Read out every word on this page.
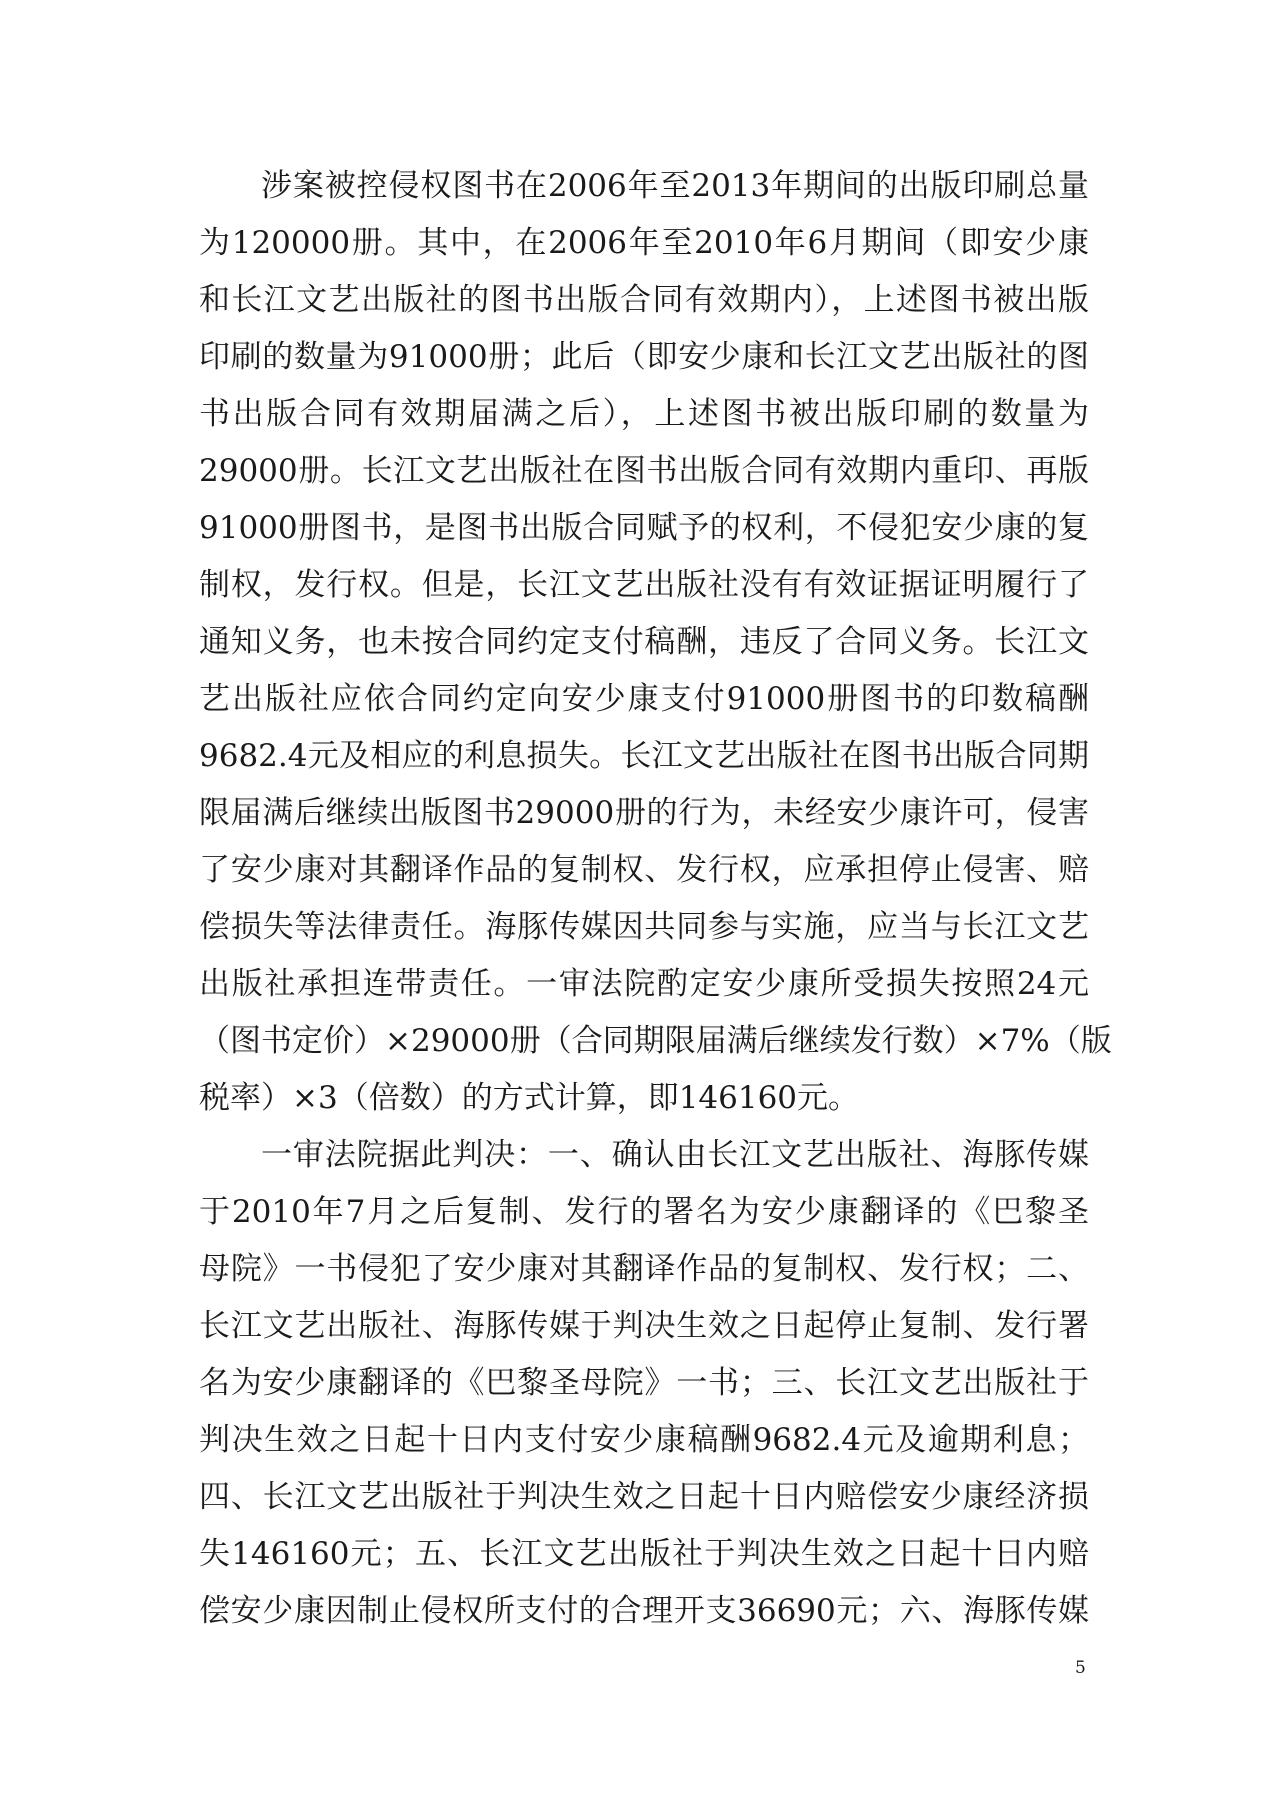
涉案被控侵权图书在2006年至2013年期间的出版印刷总量
为120000册。其中，在2006年至2010年6月期间（即安少康
和长江文艺出版社的图书出版合同有效期内），上述图书被出版
印刷的数量为91000册；此后（即安少康和长江文艺出版社的图
书出版合同有效期届满之后），上述图书被出版印刷的数量为
29000册。长江文艺出版社在图书出版合同有效期内重印、再版
91000册图书，是图书出版合同赋予的权利，不侵犯安少康的复
制权，发行权。但是，长江文艺出版社没有有效证据证明履行了
通知义务，也未按合同约定支付稿酬，违反了合同义务。长江文
艺出版社应依合同约定向安少康支付91000册图书的印数稿酬
9682.4元及相应的利息损失。长江文艺出版社在图书出版合同期
限届满后继续出版图书29000册的行为，未经安少康许可，侵害
了安少康对其翻译作品的复制权、发行权，应承担停止侵害、赔
偿损失等法律责任。海豚传媒因共同参与实施，应当与长江文艺
出版社承担连带责任。一审法院酌定安少康所受损失按照24元
（图书定价）×29000册（合同期限届满后继续发行数）×7%（版
税率）×3（倍数）的方式计算，即146160元。
一审法院据此判决：一、确认由长江文艺出版社、海豚传媒
于2010年7月之后复制、发行的署名为安少康翻译的《巴黎圣
母院》一书侵犯了安少康对其翻译作品的复制权、发行权；二、
长江文艺出版社、海豚传媒于判决生效之日起停止复制、发行署
名为安少康翻译的《巴黎圣母院》一书；三、长江文艺出版社于
判决生效之日起十日内支付安少康稿酬9682.4元及逾期利息；
四、长江文艺出版社于判决生效之日起十日内赔偿安少康经济损
失146160元；五、长江文艺出版社于判决生效之日起十日内赔
偿安少康因制止侵权所支付的合理开支36690元；六、海豚传媒
5
